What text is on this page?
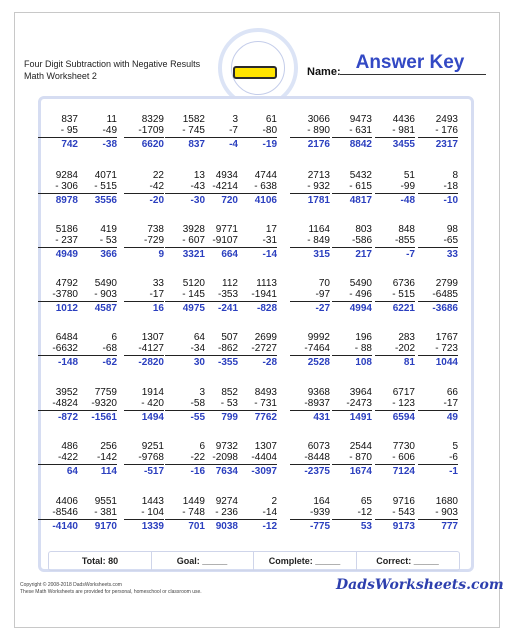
Four Digit Subtraction with Negative Results
Math Worksheet 2	Name: Answer Key
837
- 95
742
11
-49
-38
8329
-1709
6620
1582
- 745
837
3
-7
-4
61
-80
-19
3066
- 890
2176
9473
- 631
8842
4436
- 981
3455
2493
- 176
2317
9284
- 306
8978
4071
- 515
3556
22
-42
-20
13
-43
-30
4934
-4214
720
4744
- 638
4106
2713
- 932
1781
5432
- 615
4817
51
-99
-48
8
-18
-10
5186
- 237
4949
419
- 53
366
738
-729
9
3928
- 607
3321
9771
-9107
664
17
-31
-14
1164
- 849
315
803
-586
217
848
-855
-7
98
-65
33
4792
-3780
1012
5490
- 903
4587
33
-17
16
5120
- 145
4975
112
-353
-241
1113
-1941
-828
70
-97
-27
5490
- 496
4994
6736
- 515
6221
2799
-6485
-3686
6484
-6632
-148
6
-68
-62
1307
-4127
-2820
64
-34
30
507
-862
-355
2699
-2727
-28
9992
-7464
2528
196
- 88
108
283
-202
81
1767
- 723
1044
3952
-4824
-872
7759
-9320
-1561
1914
- 420
1494
3
-58
-55
852
- 53
799
8493
- 731
7762
9368
-8937
431
3964
-2473
1491
6717
- 123
6594
66
-17
49
486
-422
64
256
-142
114
9251
-9768
-517
6
-22
-16
9732
-2098
7634
1307
-4404
-3097
6073
-8448
-2375
2544
- 870
1674
7730
- 606
7124
5
-6
-1
4406
-8546
-4140
9551
- 381
9170
1443
- 104
1339
1449
- 748
701
9274
- 236
9038
2
-14
-12
164
-939
-775
65
-12
53
9716
- 543
9173
1680
- 903
777
Total: 80	Goal: _____	Complete: _____	Correct: _____
Copyright © 2008-2018 DadsWorksheets.com
These Math Worksheets are provided for personal, homeschool or classroom use.	DadsWorksheets.com
